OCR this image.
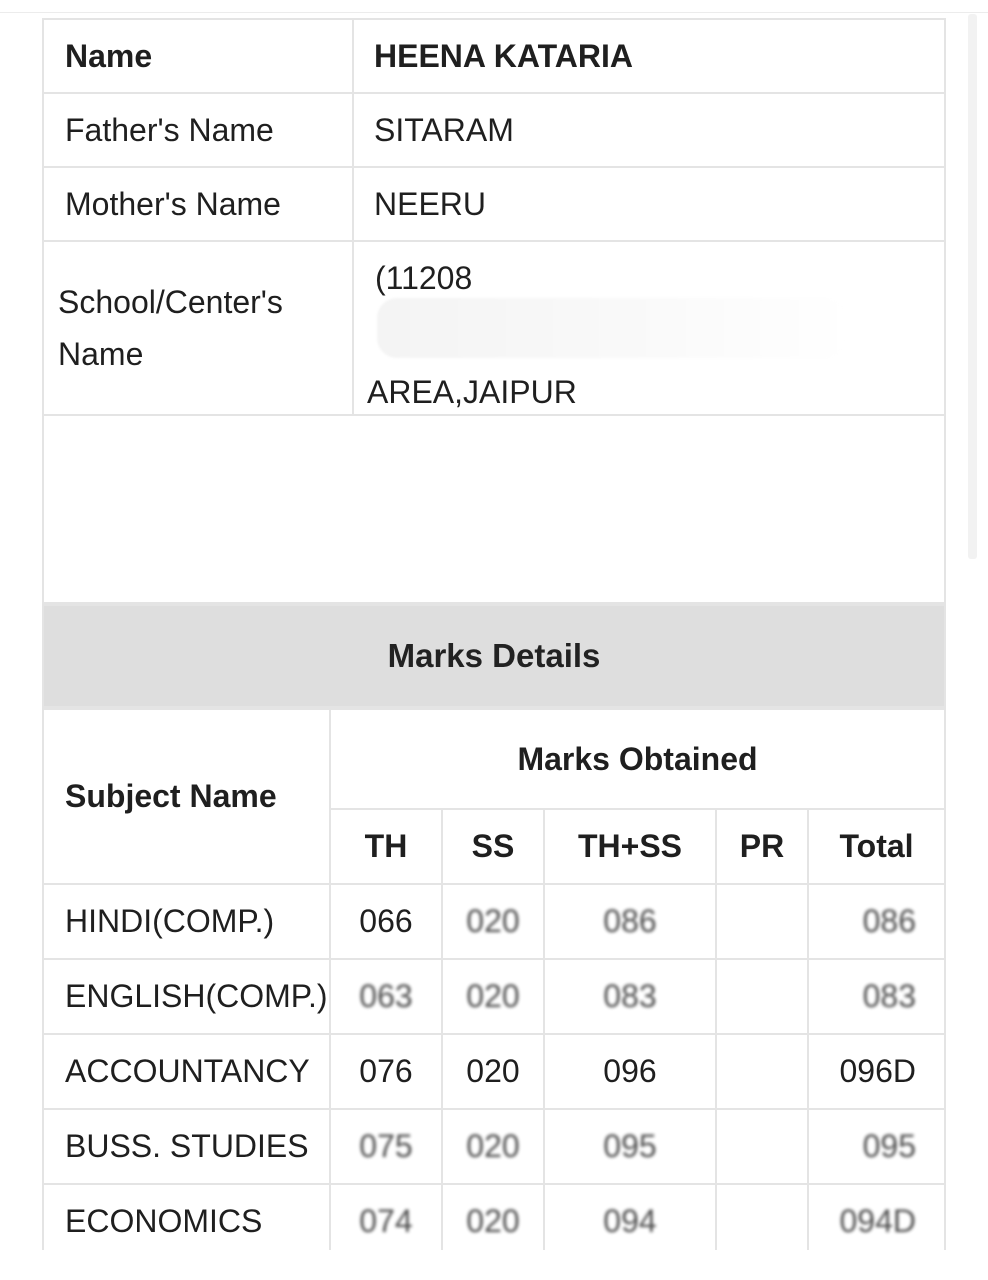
Name	HEENA KATARIA
Father's Name	SITARAM
Mother's Name	NEERU
School/Center's Name	(11208
AREA,JAIPUR

Marks Details
Subject Name	Marks Obtained				
	TH	SS	TH+SS	PR	Total
HINDI(COMP.)	066	020	086		086
ENGLISH(COMP.)	063	020	083		083
ACCOUNTANCY	076	020	096		096D
BUSS. STUDIES	075	020	095		095
ECONOMICS	074	020	094		094D
